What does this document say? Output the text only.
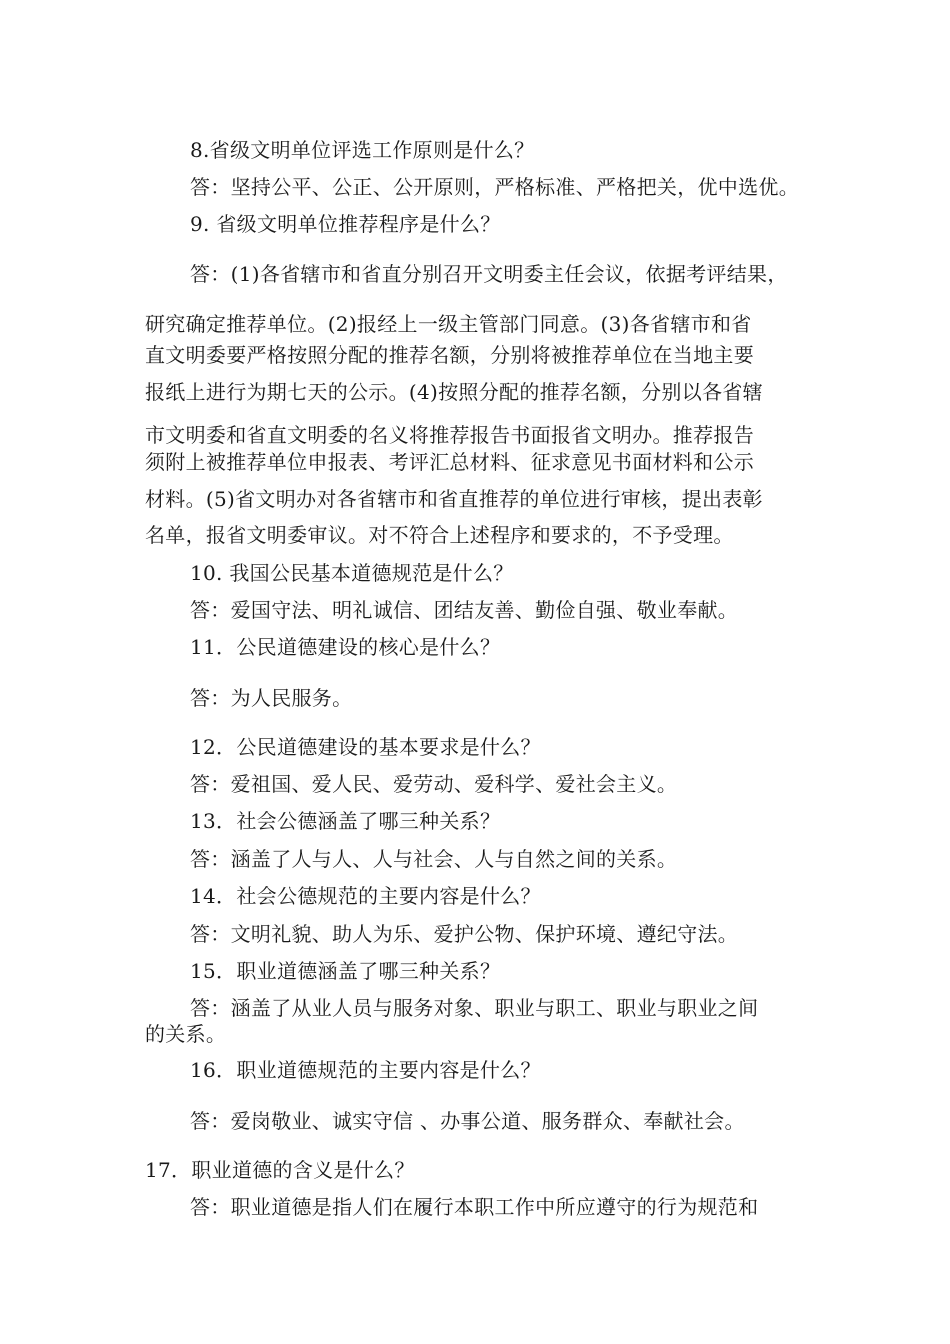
8.省级文明单位评选工作原则是什么？
答：坚持公平、公正、公开原则，严格标准、严格把关，优中选优。
9. 省级文明单位推荐程序是什么？
答：(1)各省辖市和省直分别召开文明委主任会议，依据考评结果，
研究确定推荐单位。(2)报经上一级主管部门同意。(3)各省辖市和省
直文明委要严格按照分配的推荐名额，分别将被推荐单位在当地主要
报纸上进行为期七天的公示。(4)按照分配的推荐名额，分别以各省辖
市文明委和省直文明委的名义将推荐报告书面报省文明办。推荐报告
须附上被推荐单位申报表、考评汇总材料、征求意见书面材料和公示
材料。(5)省文明办对各省辖市和省直推荐的单位进行审核，提出表彰
名单，报省文明委审议。对不符合上述程序和要求的，不予受理。
10. 我国公民基本道德规范是什么？
答：爱国守法、明礼诚信、团结友善、勤俭自强、敬业奉献。
11．公民道德建设的核心是什么？
答：为人民服务。
12．公民道德建设的基本要求是什么？
答：爱祖国、爱人民、爱劳动、爱科学、爱社会主义。
13．社会公德涵盖了哪三种关系？
答：涵盖了人与人、人与社会、人与自然之间的关系。
14．社会公德规范的主要内容是什么？
答：文明礼貌、助人为乐、爱护公物、保护环境、遵纪守法。
15．职业道德涵盖了哪三种关系？
答：涵盖了从业人员与服务对象、职业与职工、职业与职业之间
的关系。
16．职业道德规范的主要内容是什么？
答：爱岗敬业、诚实守信 、办事公道、服务群众、奉献社会。
17．职业道德的含义是什么？
答：职业道德是指人们在履行本职工作中所应遵守的行为规范和
